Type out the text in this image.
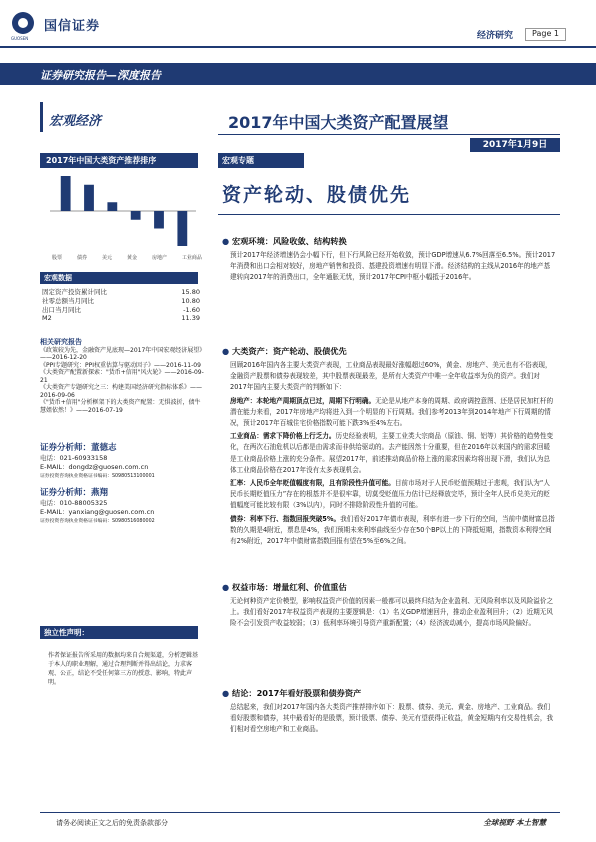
国信证券
GUOSEN	经济研究	Page 1
证券研究报告—深度报告
宏观经济	2017年中国大类资产配置展望
2017年1月9日
2017年中国大类资产推荐排序
股票	债券	美元	黄金	房地产	工业商品
宏观数据
固定资产投资累计同比	15.80
社零总额当月同比	10.80
出口当月同比	-1.60
M2	11.39
相关研究报告
《政策较为先，金融资产见底现—2017年中国宏观经济展望》——2016-12-20
《PPI专题研究：PPI权重估算与驱动因子》——2016-11-09
《大类资产配置新探索："货币+信用"风火轮》——2016-09-21
《大类资产专题研究之三：构建美国经济研究指标体系》——2016-09-06
《"货币+信用"分析框架下的大类资产配置：无惧波折，债牛慧姐依然！》——2016-07-19
证券分析师：董德志
电话：021-60933158
E-MAIL：dongdz@guosen.com.cn
证券投资咨询执业资格证书编码：S0980513100001
证券分析师：燕翔
电话：010-88005325
E-MAIL：yanxiang@guosen.com.cn
证券投资咨询执业资格证书编码：S0980516080002
独立性声明：
作者保证报告所采用的数据均来自合规渠道，分析逻辑基于本人的职业理解，通过合理判断并得出结论，力求客观、公正，结论不受任何第三方的授意、影响，特此声明。
宏观专题
资产轮动、股债优先
● 宏观环境：风险收敛、结构转换
预计2017年经济增速仍会小幅下行，但下行风险已经开始收敛，预计GDP增速从6.7%回落至6.5%。预计2017年消费和出口会相对较好，房地产销售和投资、基建投资增速有明显下滑。经济结构的主线从2016年的地产基建转向2017年的消费出口，全年通胀无忧，预计2017年CPI中枢小幅抵于2016年。
● 大类资产：资产轮动、股债优先
回顾2016年国内各主要大类资产表现，工业商品表现最好涨幅超过60%，黄金、房地产、美元也有不俗表现，金融资产股票和债券表现较差，其中股票表现最差，是所有大类资产中唯一全年收益率为负的资产。我们对2017年国内主要大类资产的判断如下：
房地产：本轮地产周期顶点已过，周期下行明确。无论是从地产本身的周期、政府调控意图、还是居民加杠杆的潜在能力来看，2017年房地产均将进入到一个明显的下行周期。我们参考2013年到2014年地产下行周期的情况，预计2017年百城住宅价格指数可能下跌3%至4%左右。
工业商品：需求下降价格上行乏力。历史经验表明，主要工业类大宗商品（原油、铜、铝等）其价格的趋势性变化，在两次石油危机以后都是由需求而非供给驱动的。去产能因然十分重要，但在2016年以来国内的需求回暖是工业商品价格上涨的充分条件。展望2017年，前述推动商品价格上涨的需求因素均将出现下滑，我们认为总体工业商品价格在2017年没有太多表现机会。
汇率：人民币全年贬值幅度有限，且有阶段性升值可能。目前市场对于人民币贬值预期过于悲观，我们认为“人民币长期贬值压力”存在的根基并不是很牢靠，切莫受贬值压力估计已经释放完毕，预计全年人民币兑美元的贬值幅度可能比较有限（3%以内），同时不排除阶段性升值的可能。
债券：利率下行、指数回报突破5%。我们看好2017年债市表现，利率有进一步下行的空间，当前中债财富总指数的久期是4附近，票息是4%，我们预期未来利率曲线至少存在50个BP以上的下降抵短期，指数资本利得空间有2%附近，2017年中债财富指数回报有望在5%至6%之间。
● 权益市场：增量红利、价值重估
无论何种资产定价模型，影响权益资产价值的因素一般都可以最终归结为企业盈利、无风险利率以及风险溢价之上。我们看好2017年权益资产表现的主要逻辑是：（1）名义GDP增速回升，推动企业盈利回升；（2）近期无风险不会引发资产收益较弱；（3）低利率环境引导资产重新配置；（4）经济波动减小，提高市场风险偏好。
● 结论：2017年看好股票和债券资产
总结起来，我们对2017年国内各大类资产推荐排序如下：股票、债券、美元、黄金、房地产、工业商品。我们看好股票和债券，其中最看好的是股票，预计股票、债券、美元有望获得正收益，黄金短期内有交易性机会，我们相对看空房地产和工业商品。
请务必阅读正文之后的免责条款部分	全球视野 本土智慧
